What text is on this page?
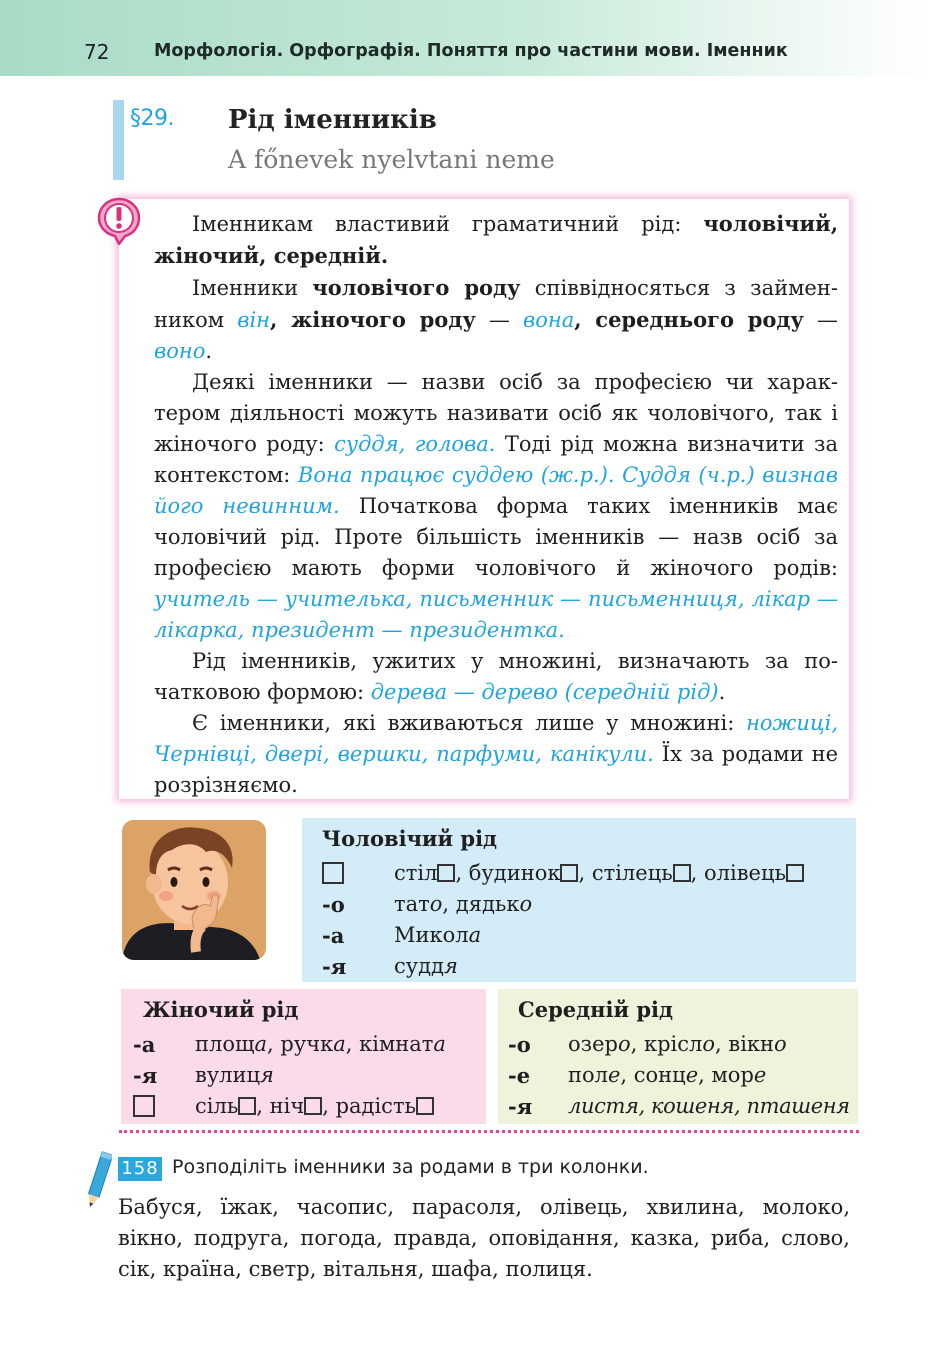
72	Морфологія. Орфографія. Поняття про частини мови. Іменник
§29. Рід іменників
A főnevek nyelvtani neme

Іменникам властивий граматичний рід: чоловічий, жіночий, середній.

Іменники чоловічого роду співвідносяться з займенником він, жіночого роду — вона, середнього роду — воно.

Деякі іменники — назви осіб за професією чи характером діяльності можуть називати осіб як чоловічого, так і жіночого роду: суддя, голова. Тоді рід можна визначити за контекстом: Вона працює суддею (ж.р.). Суддя (ч.р.) визнав його невинним. Початкова форма таких іменників має чоловічий рід. Проте більшість іменників — назв осіб за професією мають форми чоловічого й жіночого родів: учитель — учителька, письменник — письменниця, лікар — лікарка, президент — президентка.

Рід іменників, ужитих у множині, визначають за початковою формою: дерева — дерево (середній рід).

Є іменники, які вживаються лише у множині: ножиці, Чернівці, двері, вершки, парфуми, канікули. Їх за родами не розрізняємо.

Чоловічий рід
стіл , будинок , стілець , олівець
-о тато, дядько
-а Микола
-я суддя
Жіночий рід
-а площа, ручка, кімната
-я вулиця
сіль , ніч , радість
Середній рід
-о озеро, крісло, вікно
-е поле, сонце, море
-я листя, кошеня, пташеня
158 Розподіліть іменники за родами в три колонки.
Бабуся, їжак, часопис, парасоля, олівець, хвилина, молоко, вікно, подруга, погода, правда, оповідання, казка, риба, слово, сік, країна, светр, вітальня, шафа, полиця.
